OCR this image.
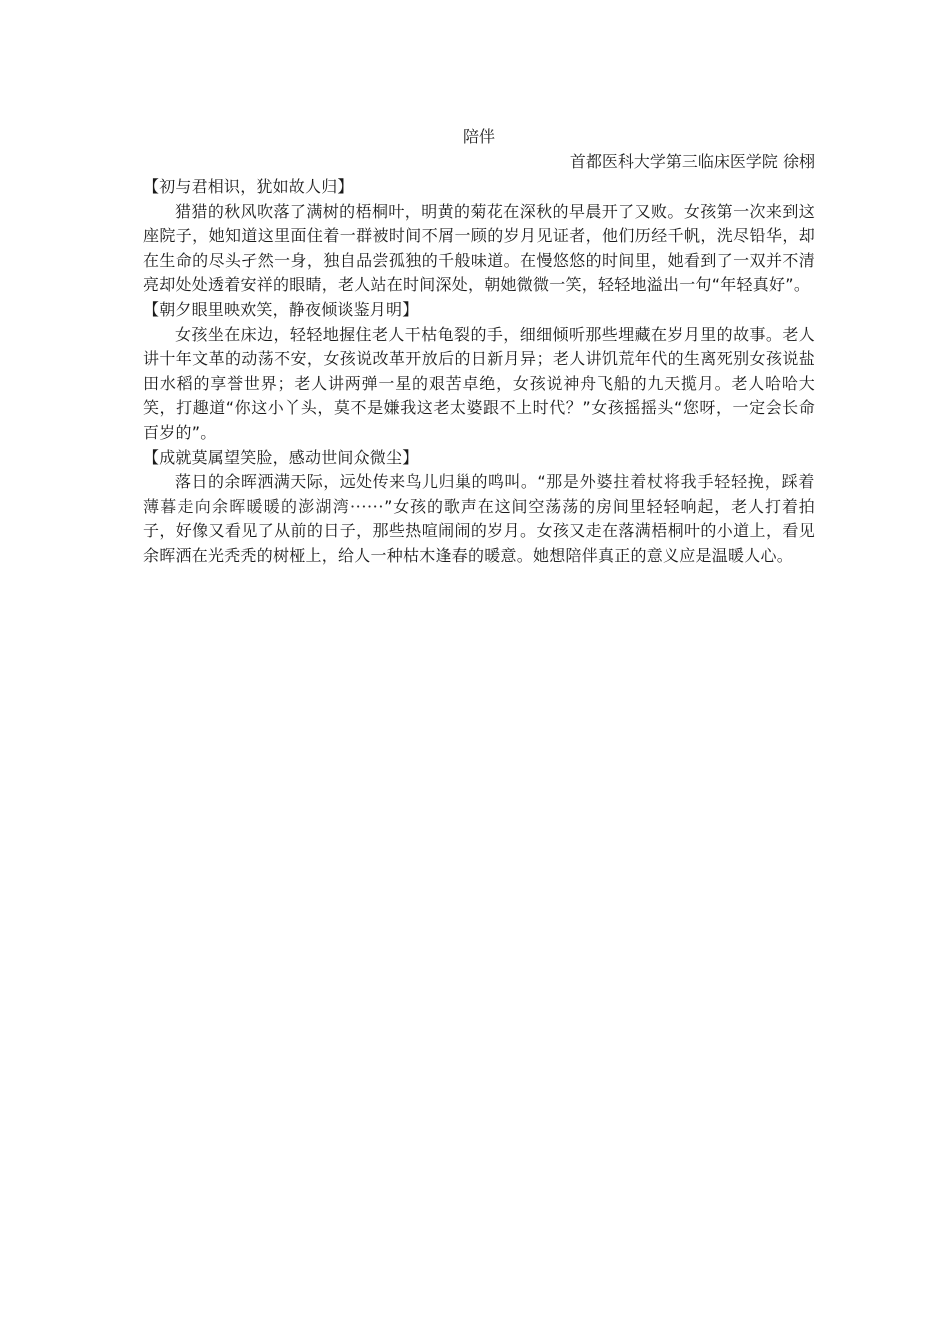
陪伴

首都医科大学第三临床医学院 徐栩

【初与君相识，犹如故人归】

猎猎的秋风吹落了满树的梧桐叶，明黄的菊花在深秋的早晨开了又败。女孩第一次来到这座院子，她知道这里面住着一群被时间不屑一顾的岁月见证者，他们历经千帆，洗尽铅华，却在生命的尽头孑然一身，独自品尝孤独的千般味道。在慢悠悠的时间里，她看到了一双并不清亮却处处透着安祥的眼睛，老人站在时间深处，朝她微微一笑，轻轻地溢出一句“年轻真好”。

【朝夕眼里映欢笑，静夜倾谈鉴月明】

女孩坐在床边，轻轻地握住老人干枯龟裂的手，细细倾听那些埋藏在岁月里的故事。老人讲十年文革的动荡不安，女孩说改革开放后的日新月异；老人讲饥荒年代的生离死别女孩说盐田水稻的享誉世界；老人讲两弹一星的艰苦卓绝，女孩说神舟飞船的九天揽月。老人哈哈大笑，打趣道“你这小丫头，莫不是嫌我这老太婆跟不上时代？”女孩摇摇头“您呀，一定会长命百岁的”。

【成就莫属望笑脸，感动世间众微尘】

落日的余晖洒满天际，远处传来鸟儿归巢的鸣叫。“那是外婆拄着杖将我手轻轻挽，踩着薄暮走向余晖暖暖的澎湖湾······”女孩的歌声在这间空荡荡的房间里轻轻响起，老人打着拍子，好像又看见了从前的日子，那些热喧闹闹的岁月。女孩又走在落满梧桐叶的小道上，看见余晖洒在光秃秃的树桠上，给人一种枯木逢春的暖意。她想陪伴真正的意义应是温暖人心。
